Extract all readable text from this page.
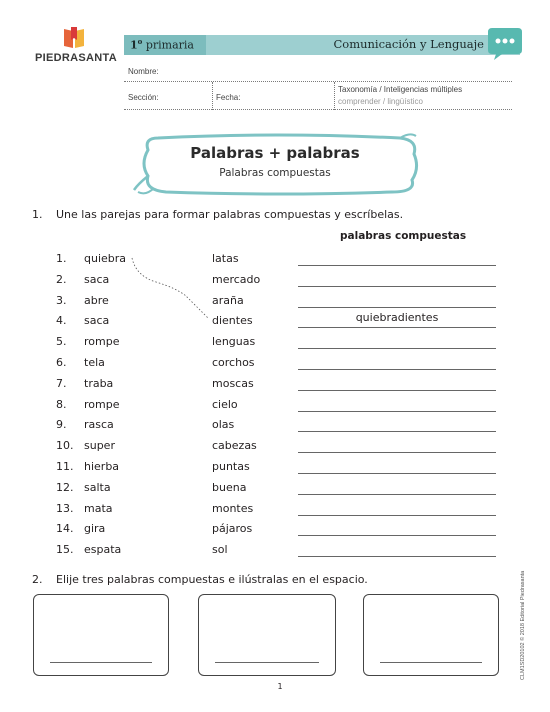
PIEDRASANTA
1$^o$ primaria	Comunicación y Lenguaje
Nombre:
Sección:	Fecha:
Taxonomía / Inteligencias múltiples
comprender / lingüístico
Palabras + palabras
Palabras compuestas
1. Une las parejas para formar palabras compuestas y escríbelas.
palabras compuestas
1. quiebra	latas
2. saca	mercado
3. abre	araña
4. saca	dientes	quiebradientes
5. rompe	lenguas
6. tela	corchos
7. traba	moscas
8. rompe	cielo
9. rasca	olas
10. super	cabezas
11. hierba	puntas
12. salta	buena
13. mata	montes
14. gira	pájaros
15. espata	sol
2. Elije tres palabras compuestas e ilústralas en el espacio.
1
CLM1SD20102 © 2018 Editorial Piedrasanta
